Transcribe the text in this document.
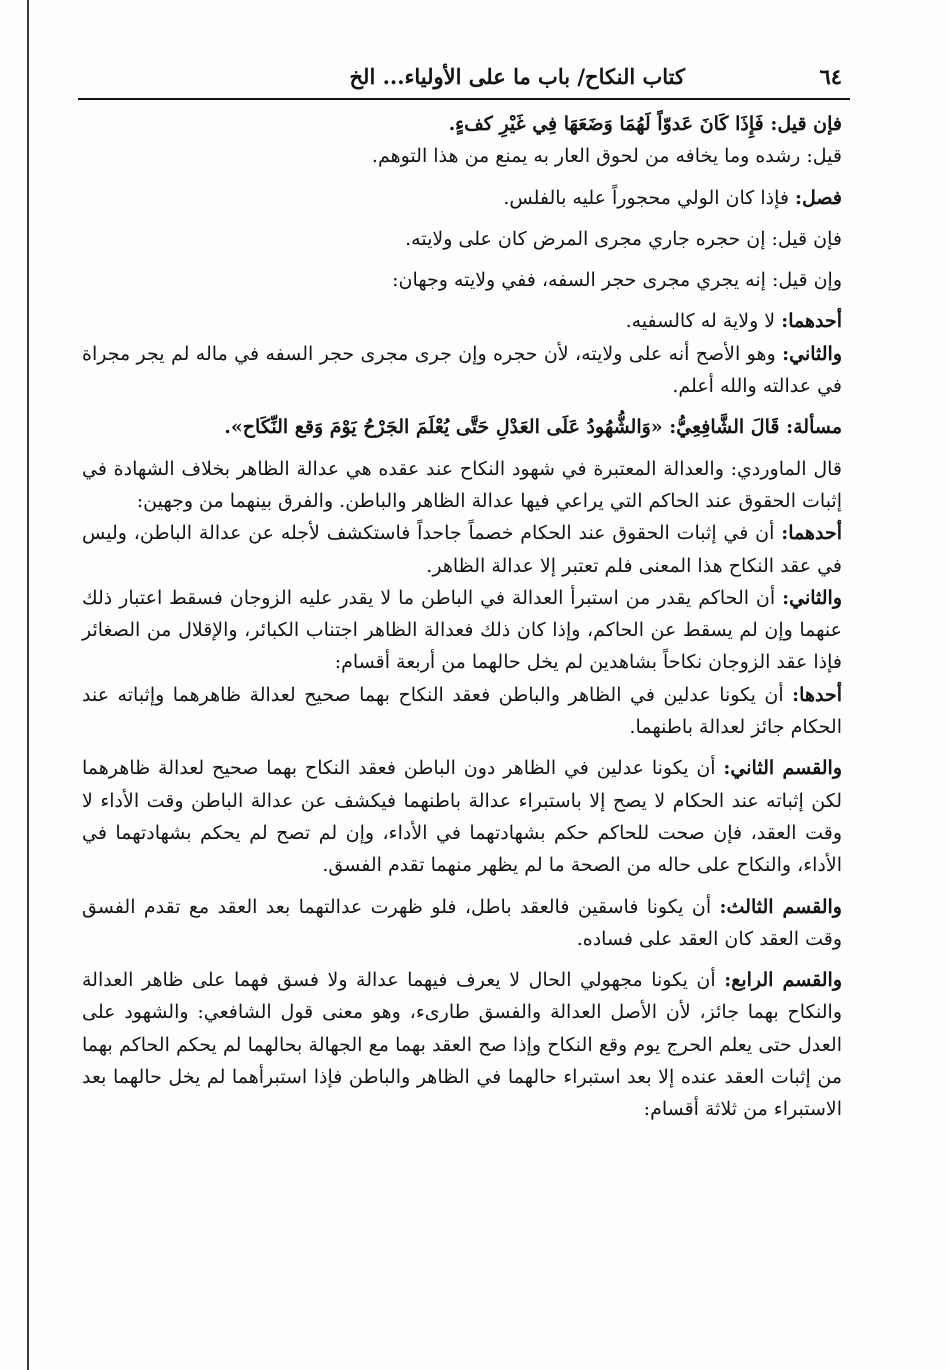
٦٤
كتاب النكاح/ باب ما على الأولياء... الخ

فإن قيل: فَإِذَا كَانَ عَدوّاً لَهُمَا وَضَعَهَا فِي غَيْرِ كفءٍ.

قيل: رشده وما يخافه من لحوق العار به يمنع من هذا التوهم.

فصل: فإذا كان الولي محجوراً عليه بالفلس.

فإن قيل: إن حجره جاري مجرى المرض كان على ولايته.

وإن قيل: إنه يجري مجرى حجر السفه، ففي ولايته وجهان:

أحدهما: لا ولاية له كالسفيه.

والثاني: وهو الأصح أنه على ولايته، لأن حجره وإن جرى مجرى حجر السفه في ماله لم يجر مجراة في عدالته والله أعلم.

مسألة: قَالَ الشَّافِعِيُّ: «وَالشُّهُودُ عَلَى العَدْلِ حَتَّى يُعْلَمَ الجَرْحُ يَوْمَ وَقع النِّكَاح».

قال الماوردي: والعدالة المعتبرة في شهود النكاح عند عقده هي عدالة الظاهر بخلاف الشهادة في إثبات الحقوق عند الحاكم التي يراعي فيها عدالة الظاهر والباطن. والفرق بينهما من وجهين:

أحدهما: أن في إثبات الحقوق عند الحكام خصماً جاحداً فاستكشف لأجله عن عدالة الباطن، وليس في عقد النكاح هذا المعنى فلم تعتبر إلا عدالة الظاهر.

والثاني: أن الحاكم يقدر من استبرأ العدالة في الباطن ما لا يقدر عليه الزوجان فسقط اعتبار ذلك عنهما وإن لم يسقط عن الحاكم، وإذا كان ذلك فعدالة الظاهر اجتناب الكبائر، والإقلال من الصغائر فإذا عقد الزوجان نكاحاً بشاهدين لم يخل حالهما من أربعة أقسام:

أحدها: أن يكونا عدلين في الظاهر والباطن فعقد النكاح بهما صحيح لعدالة ظاهرهما وإثباته عند الحكام جائز لعدالة باطنهما.

والقسم الثاني: أن يكونا عدلين في الظاهر دون الباطن فعقد النكاح بهما صحيح لعدالة ظاهرهما لكن إثباته عند الحكام لا يصح إلا باستبراء عدالة باطنهما فيكشف عن عدالة الباطن وقت الأداء لا وقت العقد، فإن صحت للحاكم حكم بشهادتهما في الأداء، وإن لم تصح لم يحكم بشهادتهما في الأداء، والنكاح على حاله من الصحة ما لم يظهر منهما تقدم الفسق.

والقسم الثالث: أن يكونا فاسقين فالعقد باطل، فلو ظهرت عدالتهما بعد العقد مع تقدم الفسق وقت العقد كان العقد على فساده.

والقسم الرابع: أن يكونا مجهولي الحال لا يعرف فيهما عدالة ولا فسق فهما على ظاهر العدالة والنكاح بهما جائز، لأن الأصل العدالة والفسق طارىء، وهو معنى قول الشافعي: والشهود على العدل حتى يعلم الحرج يوم وقع النكاح وإذا صح العقد بهما مع الجهالة بحالهما لم يحكم الحاكم بهما من إثبات العقد عنده إلا بعد استبراء حالهما في الظاهر والباطن فإذا استبرأهما لم يخل حالهما بعد الاستبراء من ثلاثة أقسام:
